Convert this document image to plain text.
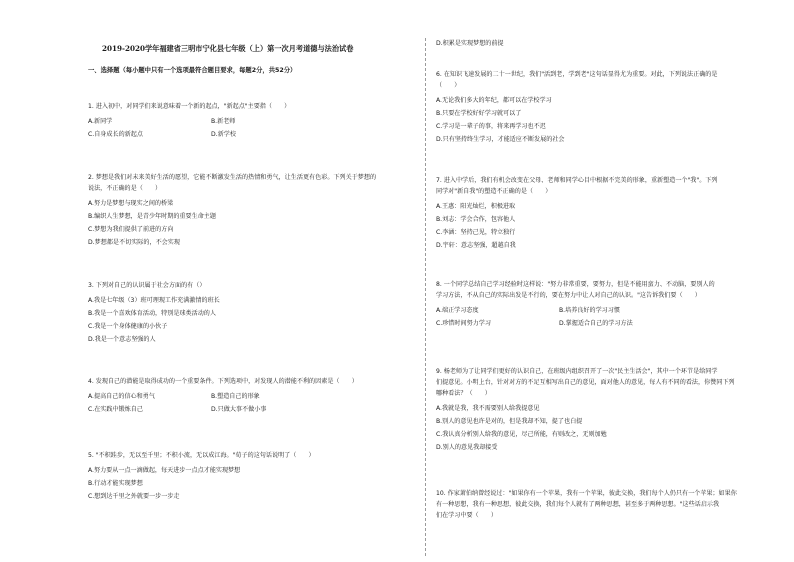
2019-2020学年福建省三明市宁化县七年级（上）第一次月考道德与法治试卷
一、选择题（每小题中只有一个选项最符合题目要求，每题2分，共52分）
1. 进入初中，对同学们来说意味着一个新的起点，"新起点"主要指（　　）
A.新同学	B.新老师
C.自身成长的新起点	D.新学校
2. 梦想是我们对未来美好生活的愿望，它能不断激发生活的热情和勇气，让生活更有色彩。下列关于梦想的
说法，不正确的是（　　）
A.努力是梦想与现实之间的桥梁
B.编织人生梦想，是青少年时期的重要生命主题
C.梦想为我们提供了前进的方向
D.梦想都是不切实际的，不会实现
3. 下列对自己的认识属于社会方面的有（）
A.我是七年级（3）班可理现工作充满激情的班长
B.我是一个喜欢体育活动，特别是球类活动的人
C.我是一个身体健康的小伙子
D.我是一个意志坚强的人
4. 发现自己的潜能是取得成功的一个重要条件。下列选项中，对发现人的潜能不利的因素是（　　）
A.提高自己的信心和勇气	B.塑造自己的形象
C.在实践中锻炼自己	D.只做大事不做小事
5. "不积跬步，无以至千里；不积小流，无以成江海。"荀子的这句话说明了（　　）
A.努力要从一点一滴做起，每天进步一点点才能实现梦想
B.行动才能实现梦想
C.想到达千里之外就要一步一步走
D.积累是实现梦想的前提
6. 在知识飞速发展的二十一世纪，我们"活到老，学到老"这句话显得尤为重要。对此，下列说法正确的是
（　　）
A.无论我们多大的年纪，都可以在学校学习
B.只要在学校好好学习就可以了
C.学习是一辈子的事，将来再学习也不迟
D.只有坚持终生学习，才能适应不断发展的社会
7. 进入中学后，我们有机会改变在父母、老师和同学心目中根据不完美的形象，重新塑造一个"我"。下列
同学对"新自我"的塑造不正确的是（　　）
A.王惠：阳光灿烂，积极进取
B.刘志：学会合作，包容他人
C.李涵：坚持己见，特立独行
D.宇轩：意志坚强，超越自我
8. 一个同学总结自己学习经验时这样说："努力非常重要，要努力，但是不能用蛮力、不动脑，要别人的
学习方法，不从自己的实际出发是不行的，要在努力中让人对自己的认识。"这告诉我们要（　　）
A.端正学习态度	B.培养良好的学习习惯
C.珍惜时间努力学习	D.掌握适合自己的学习方法
9. 杨老师为了让同学们更好的认识自己，在班级内组织召开了一次"民主生活会"，其中一个环节是给同学
们提意见。小明上台，针对对方的不足互相写出自己的意见，面对他人的意见，每人有不同的看法，你赞同下列
哪种看法？（　　）
A.我就是我，我不需要别人给我提意见
B.别人的意见也许是对的，但是我却不知，提了也白提
C.我认真分析别人给我的意见，尽己所能，有则改之，无则加勉
D.别人的意见我却接受
10. 作家萧伯纳曾经说过："如果你有一个苹果，我有一个苹果，彼此交换，我们每个人仍只有一个苹果；如果你
有一种思想，我有一种思想，彼此交换，我们每个人就有了两种思想，甚至多于两种思想。"这些话启示我
们在学习中要（　　）
